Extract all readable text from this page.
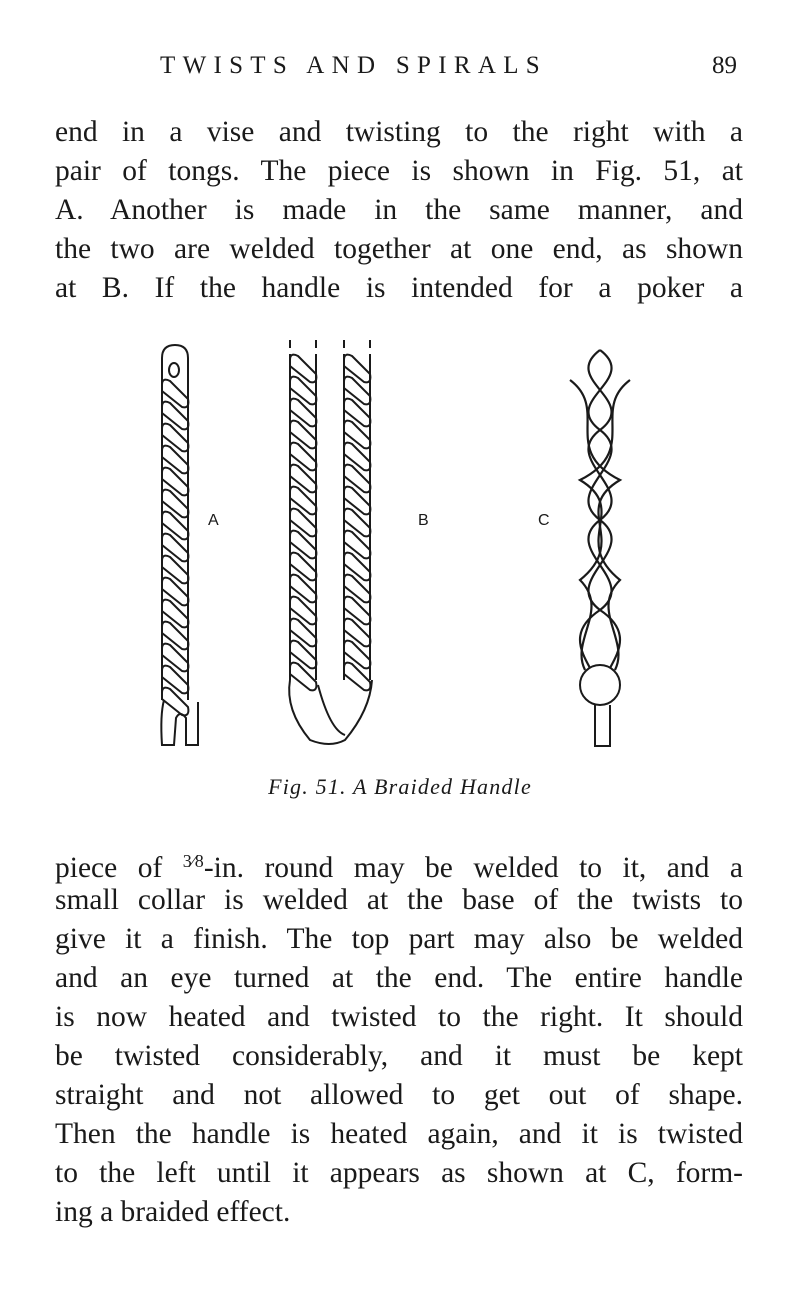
TWISTS AND SPIRALS	89
end in a vise and twisting to the right with a
pair of tongs. The piece is shown in Fig. 51, at
A. Another is made in the same manner, and
the two are welded together at one end, as shown
at B. If the handle is intended for a poker a
A	B	C
Fig. 51. A Braided Handle
piece of $^{3⁄8}$-in. round may be welded to it, and a
small collar is welded at the base of the twists to
give it a finish. The top part may also be welded
and an eye turned at the end. The entire handle
is now heated and twisted to the right. It should
be twisted considerably, and it must be kept
straight and not allowed to get out of shape.
Then the handle is heated again, and it is twisted
to the left until it appears as shown at C, form-
ing a braided effect.
